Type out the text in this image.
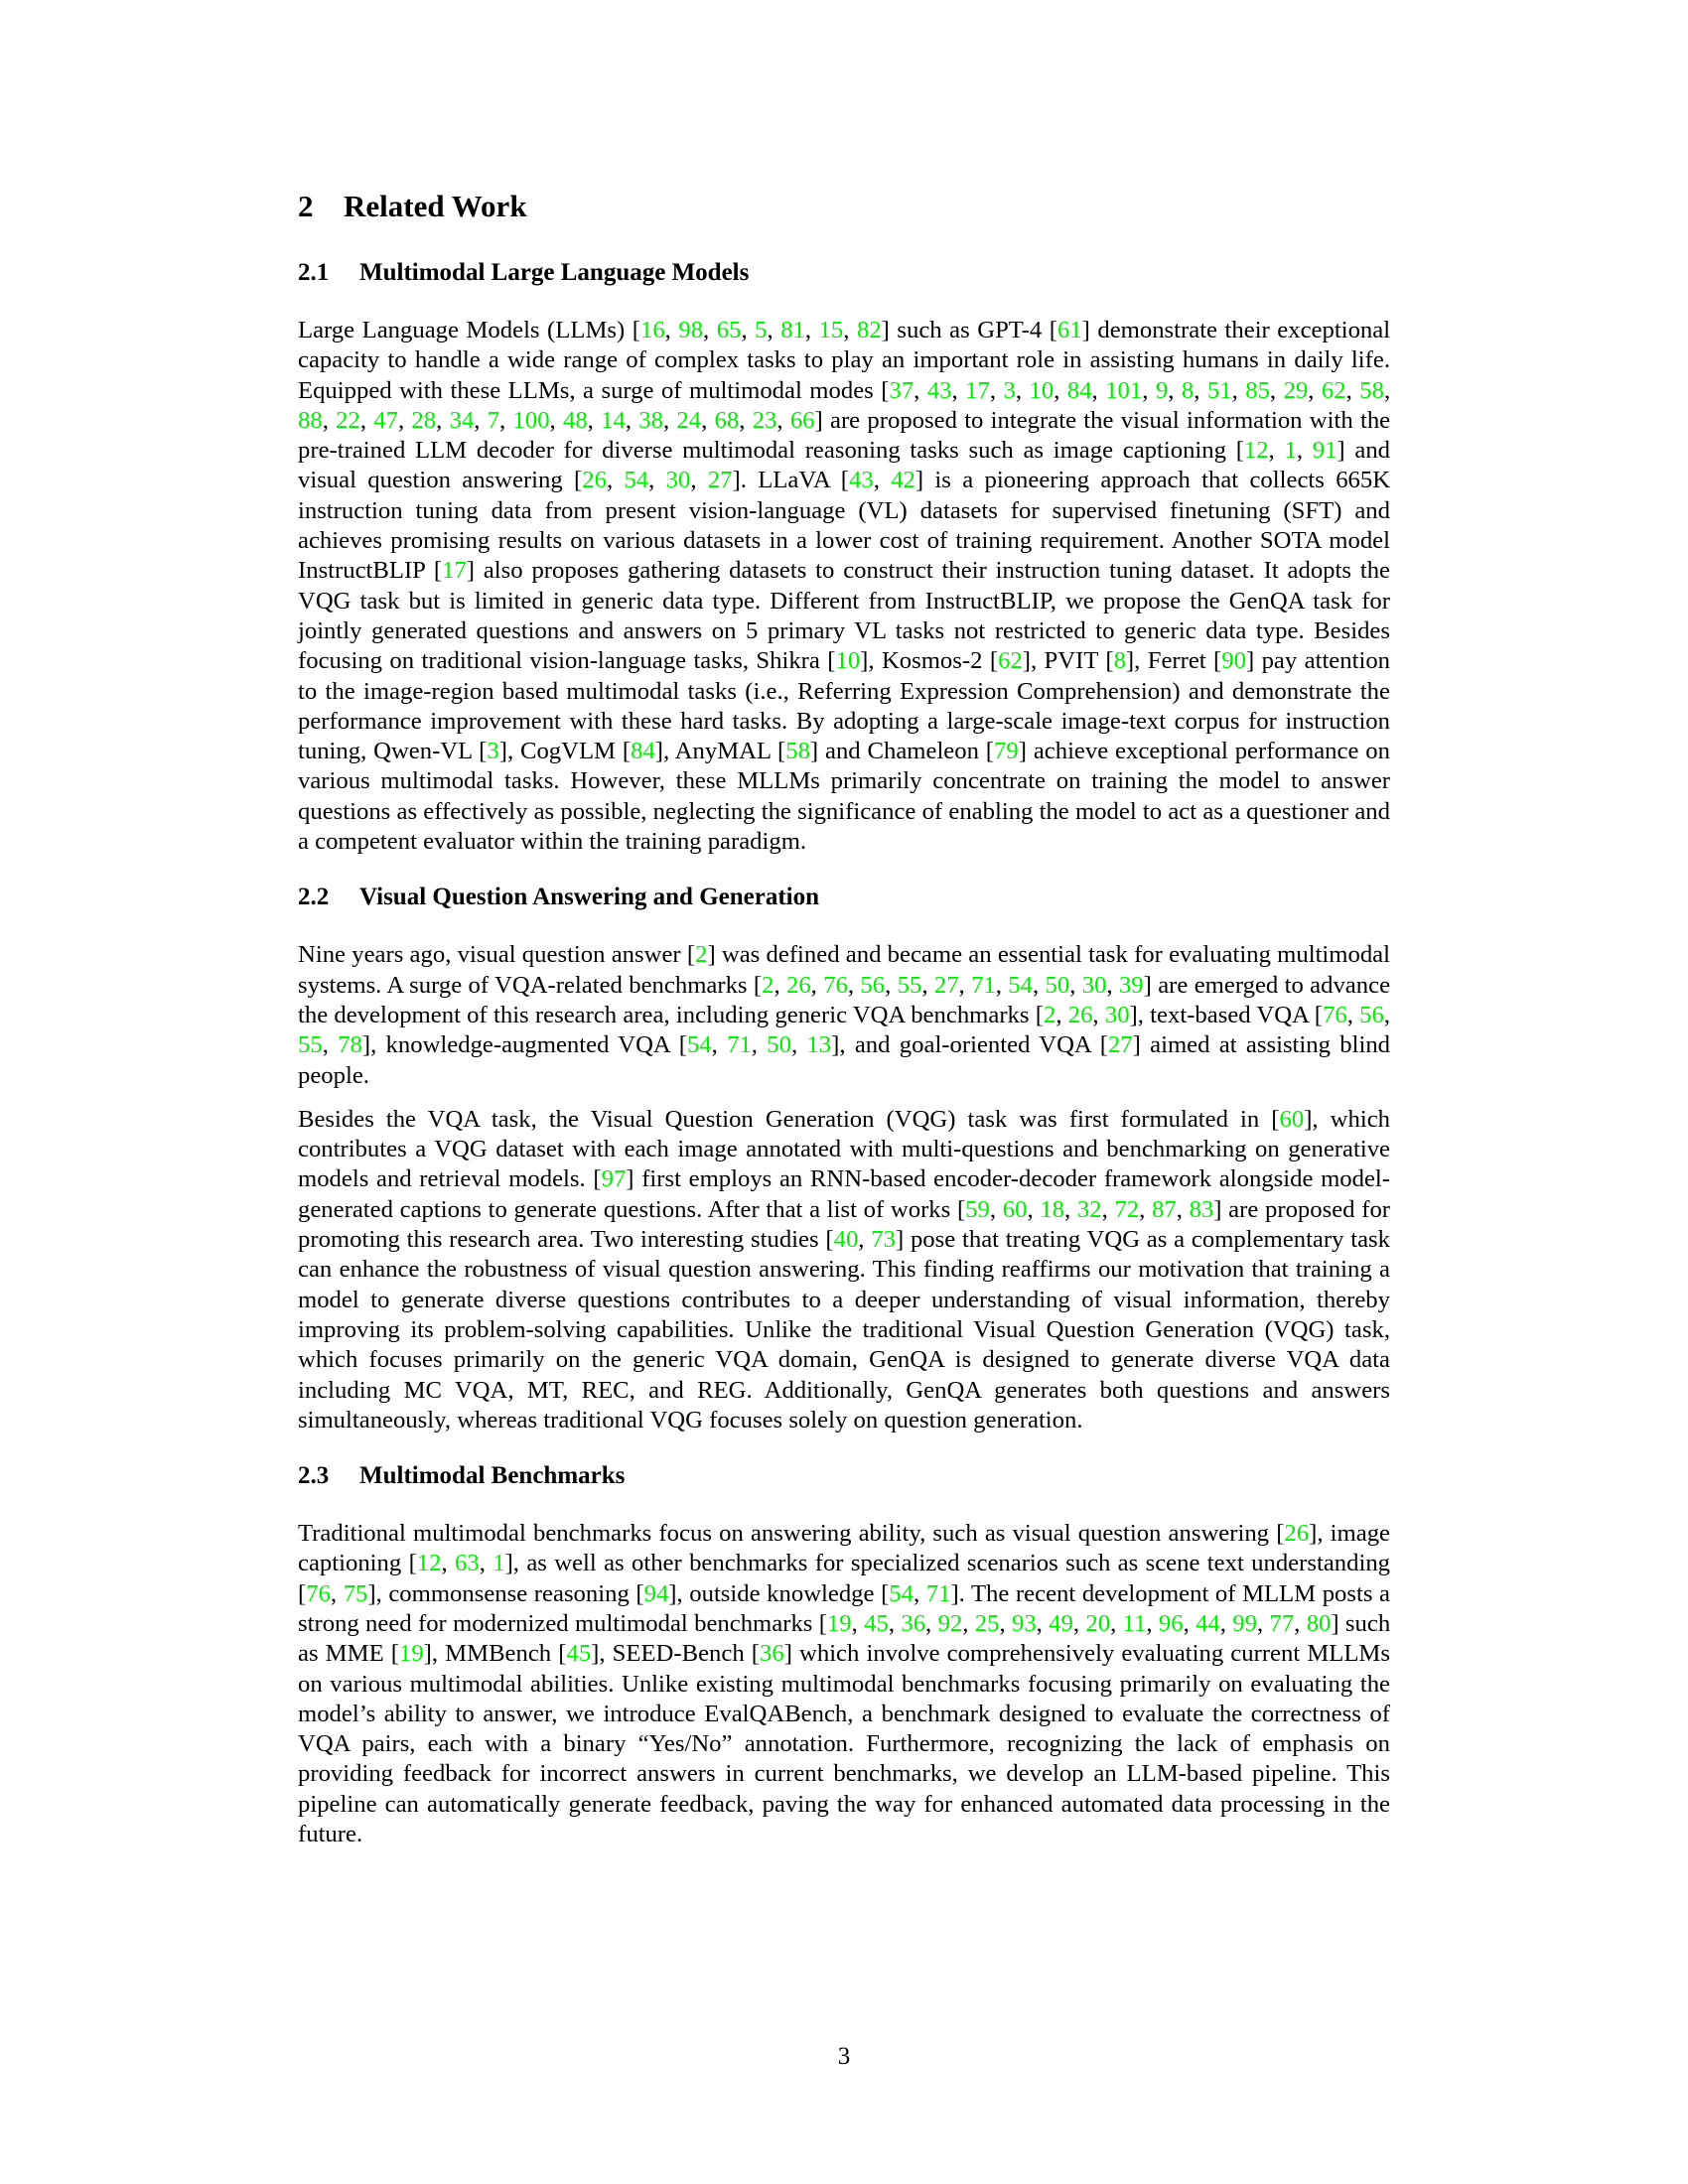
2 Related Work
2.1 Multimodal Large Language Models

Large Language Models (LLMs) [16, 98, 65, 5, 81, 15, 82] such as GPT-4 [61] demonstrate their exceptional capacity to handle a wide range of complex tasks to play an important role in assisting humans in daily life. Equipped with these LLMs, a surge of multimodal modes [37, 43, 17, 3, 10, 84, 101, 9, 8, 51, 85, 29, 62, 58, 88, 22, 47, 28, 34, 7, 100, 48, 14, 38, 24, 68, 23, 66] are proposed to integrate the visual information with the pre-trained LLM decoder for diverse multimodal reasoning tasks such as image captioning [12, 1, 91] and visual question answering [26, 54, 30, 27]. LLaVA [43, 42] is a pioneering approach that collects 665K instruction tuning data from present vision-language (VL) datasets for supervised finetuning (SFT) and achieves promising results on various datasets in a lower cost of training requirement. Another SOTA model InstructBLIP [17] also proposes gathering datasets to construct their instruction tuning dataset. It adopts the VQG task but is limited in generic data type. Different from InstructBLIP, we propose the GenQA task for jointly generated questions and answers on 5 primary VL tasks not restricted to generic data type. Besides focusing on traditional vision-language tasks, Shikra [10], Kosmos-2 [62], PVIT [8], Ferret [90] pay attention to the image-region based multimodal tasks (i.e., Referring Expression Comprehension) and demonstrate the performance improvement with these hard tasks. By adopting a large-scale image-text corpus for instruction tuning, Qwen-VL [3], CogVLM [84], AnyMAL [58] and Chameleon [79] achieve exceptional performance on various multimodal tasks. However, these MLLMs primarily concentrate on training the model to answer questions as effectively as possible, neglecting the significance of enabling the model to act as a questioner and a competent evaluator within the training paradigm.

2.2 Visual Question Answering and Generation

Nine years ago, visual question answer [2] was defined and became an essential task for evaluating multimodal systems. A surge of VQA-related benchmarks [2, 26, 76, 56, 55, 27, 71, 54, 50, 30, 39] are emerged to advance the development of this research area, including generic VQA benchmarks [2, 26, 30], text-based VQA [76, 56, 55, 78], knowledge-augmented VQA [54, 71, 50, 13], and goal-oriented VQA [27] aimed at assisting blind people.

Besides the VQA task, the Visual Question Generation (VQG) task was first formulated in [60], which contributes a VQG dataset with each image annotated with multi-questions and benchmarking on generative models and retrieval models. [97] first employs an RNN-based encoder-decoder framework alongside model-generated captions to generate questions. After that a list of works [59, 60, 18, 32, 72, 87, 83] are proposed for promoting this research area. Two interesting studies [40, 73] pose that treating VQG as a complementary task can enhance the robustness of visual question answering. This finding reaffirms our motivation that training a model to generate diverse questions contributes to a deeper understanding of visual information, thereby improving its problem-solving capabilities. Unlike the traditional Visual Question Generation (VQG) task, which focuses primarily on the generic VQA domain, GenQA is designed to generate diverse VQA data including MC VQA, MT, REC, and REG. Additionally, GenQA generates both questions and answers simultaneously, whereas traditional VQG focuses solely on question generation.

2.3 Multimodal Benchmarks

Traditional multimodal benchmarks focus on answering ability, such as visual question answering [26], image captioning [12, 63, 1], as well as other benchmarks for specialized scenarios such as scene text understanding [76, 75], commonsense reasoning [94], outside knowledge [54, 71]. The recent development of MLLM posts a strong need for modernized multimodal benchmarks [19, 45, 36, 92, 25, 93, 49, 20, 11, 96, 44, 99, 77, 80] such as MME [19], MMBench [45], SEED-Bench [36] which involve comprehensively evaluating current MLLMs on various multimodal abilities. Unlike existing multimodal benchmarks focusing primarily on evaluating the model’s ability to answer, we introduce EvalQABench, a benchmark designed to evaluate the correctness of VQA pairs, each with a binary “Yes/No” annotation. Furthermore, recognizing the lack of emphasis on providing feedback for incorrect answers in current benchmarks, we develop an LLM-based pipeline. This pipeline can automatically generate feedback, paving the way for enhanced automated data processing in the future.

3
